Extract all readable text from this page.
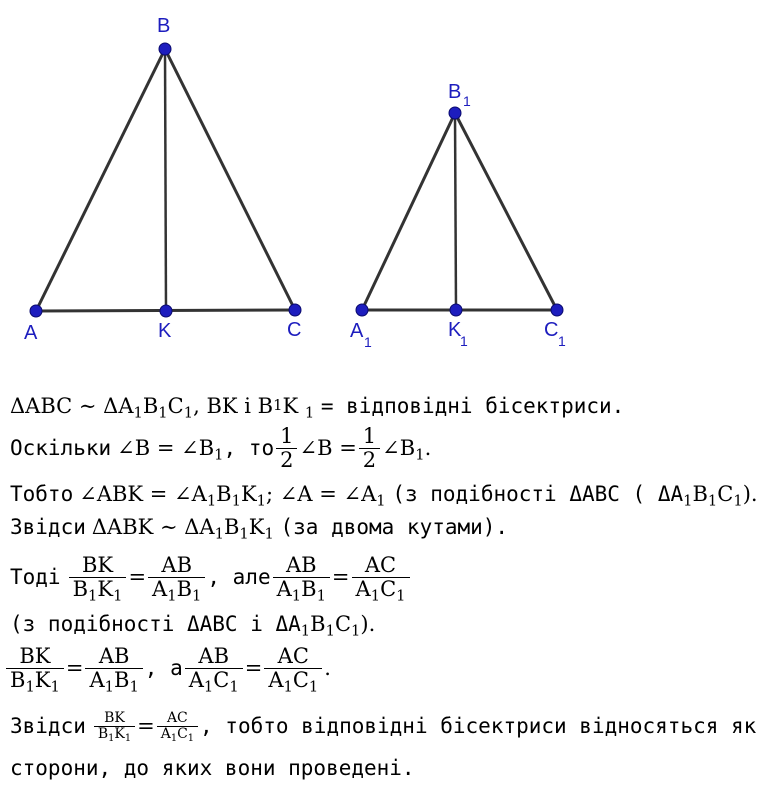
B
A	K	C
B 1
A 1
K
1	C 1
ΔABC ∼ $\Delta A_1B_1C_1$ , BK і B 1 K $_1$ = відповідні бісектриси.
Оскільки ∠B = $\angle B_1$ , то $\frac{1}{2}$ ∠B = $\frac{1}{2}$ $\angle B_1$.
Тобто ∠ABK = $\angle A_1B_1K_1$; ∠A = $\angle A_1$ (з подібності ΔABC ( ΔA $_1B_1C_1$).
Звідси ΔABK ∼ $\Delta A_1B_1K_1$ (за двома кутами).
Тоді $\frac{BK}{B_1K_1} = \frac{AB}{A_1B_1}$ , але $\frac{AB}{A_1B_1} = \frac{AC}{A_1C_1}$
(з подібності ΔABC і ΔA $_1B_1C_1$).
$\frac{BK}{B_1K_1} = \frac{AB}{A_1B_1}$ , а $\frac{AB}{A_1C_1} = \frac{AC}{A_1C_1}$ .
Звідси $\frac{BK}{B_1K_1} = \frac{AC}{A_1C_1}$ , тобто відповідні бісектриси відносяться як
сторони, до яких вони проведені.
